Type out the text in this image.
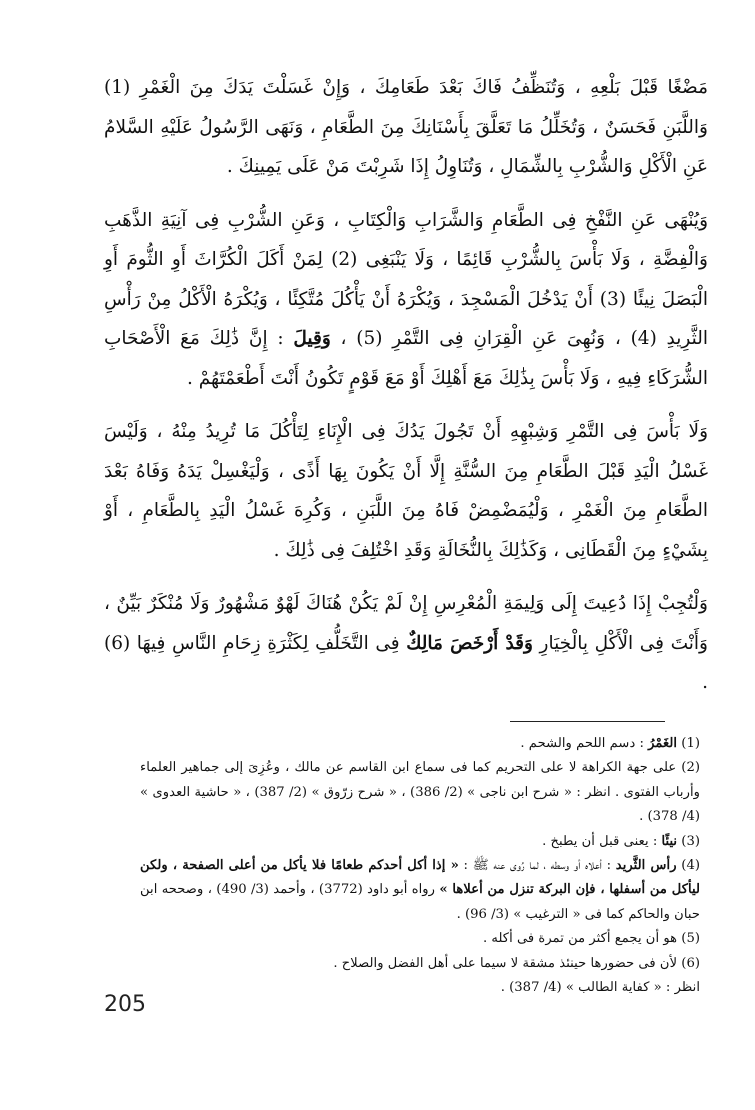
مَضْغًا قَبْلَ بَلْعِهِ ، وَتُنَظِّفُ فَاكَ بَعْدَ طَعَامِكَ ، وَإِنْ غَسَلْتَ يَدَكَ مِنَ الْغَمْرِ (1) وَاللَّبَنِ فَحَسَنٌ ، وَتُخَلِّلُ مَا تَعَلَّقَ بِأَسْنَانِكَ مِنَ الطَّعَامِ ، وَنَهَى الرَّسُولُ عَلَيْهِ السَّلامُ عَنِ الْأَكْلِ وَالشُّرْبِ بِالشِّمَالِ ، وَتُنَاوِلُ إِذَا شَرِبْتَ مَنْ عَلَى يَمِينِكَ .

وَيُنْهَى عَنِ النَّفْخِ فِى الطَّعَامِ وَالشَّرَابِ وَالْكِتَابِ ، وَعَنِ الشُّرْبِ فِى آنِيَةِ الذَّهَبِ وَالْفِضَّةِ ، وَلَا بَأْسَ بِالشُّرْبِ قَائِمًا ، وَلَا يَنْبَغِى (2) لِمَنْ أَكَلَ الْكُرَّاثَ أَوِ الثُّومَ أَوِ الْبَصَلَ نِيئًا (3) أَنْ يَدْخُلَ الْمَسْجِدَ ، وَيُكْرَهُ أَنْ يَأْكُلَ مُتَّكِئًا ، وَيُكْرَهُ الْأَكْلُ مِنْ رَأْسِ الثَّرِيدِ (4) ، وَنُهِىَ عَنِ الْقِرَانِ فِى التَّمْرِ (5) ، وَقِيلَ : إِنَّ ذَٰلِكَ مَعَ الْأَصْحَابِ الشُّرَكَاءِ فِيهِ ، وَلَا بَأْسَ بِذَٰلِكَ مَعَ أَهْلِكَ أَوْ مَعَ قَوْمٍ تَكُونُ أَنْتَ أَطْعَمْتَهُمْ .

وَلَا بَأْسَ فِى التَّمْرِ وَشِبْهِهِ أَنْ تَجُولَ يَدُكَ فِى الْإِنَاءِ لِتَأْكُلَ مَا تُرِيدُ مِنْهُ ، وَلَيْسَ غَسْلُ الْيَدِ قَبْلَ الطَّعَامِ مِنَ السُّنَّةِ إِلَّا أَنْ يَكُونَ بِهَا أَذًى ، وَلْيَغْسِلْ يَدَهُ وَفَاهُ بَعْدَ الطَّعَامِ مِنَ الْغَمْرِ ، وَلْيُمَضْمِضْ فَاهُ مِنَ اللَّبَنِ ، وَكُرِهَ غَسْلُ الْيَدِ بِالطَّعَامِ ، أَوْ بِشَيْءٍ مِنَ الْقَطَانِى ، وَكَذَٰلِكَ بِالنُّخَالَةِ وَقَدِ اخْتُلِفَ فِى ذَٰلِكَ .

وَلْتُجِبْ إِذَا دُعِيتَ إِلَى وَلِيمَةِ الْمُعْرِسِ إِنْ لَمْ يَكُنْ هُنَاكَ لَهْوٌ مَشْهُورٌ وَلَا مُنْكَرٌ بَيِّنٌ ، وَأَنْتَ فِى الْأَكْلِ بِالْخِيَارِ وَقَدْ أَرْخَصَ مَالِكٌ فِى التَّخَلُّفِ لِكَثْرَةِ زِحَامِ النَّاسِ فِيهَا (6) .

(1) الغَمْرُ : دسم اللحم والشحم .

(2) على جهة الكراهة لا على التحريم كما فى سماع ابن القاسم عن مالك ، وعُزِىَ إلى جماهير العلماء وأرباب الفتوى . انظر : « شرح ابن ناجى » (2/ 386) ، « شرح زرّوق » (2/ 387) ، « حاشية العدوى » (4/ 378) .

(3) نيئًا : يعنى قبل أن يطبخ .

(4) رأس الثَّريد : أعلاه أو وسطه ، لما رُوى عنه ﷺ : « إذا أكل أحدكم طعامًا فلا يأكل من أعلى الصفحة ، ولكن ليأكل من أسفلها ، فإن البركة تنزل من أعلاها » رواه أبو داود (3772) ، وأحمد (3/ 490) ، وصححه ابن حبان والحاكم كما فى « الترغيب » (3/ 96) .

(5) هو أن يجمع أكثر من تمرة فى أكله .

(6) لأن فى حضورها حينئذ مشقة لا سيما على أهل الفضل والصلاح .

انظر : « كفاية الطالب » (4/ 387) .

205
